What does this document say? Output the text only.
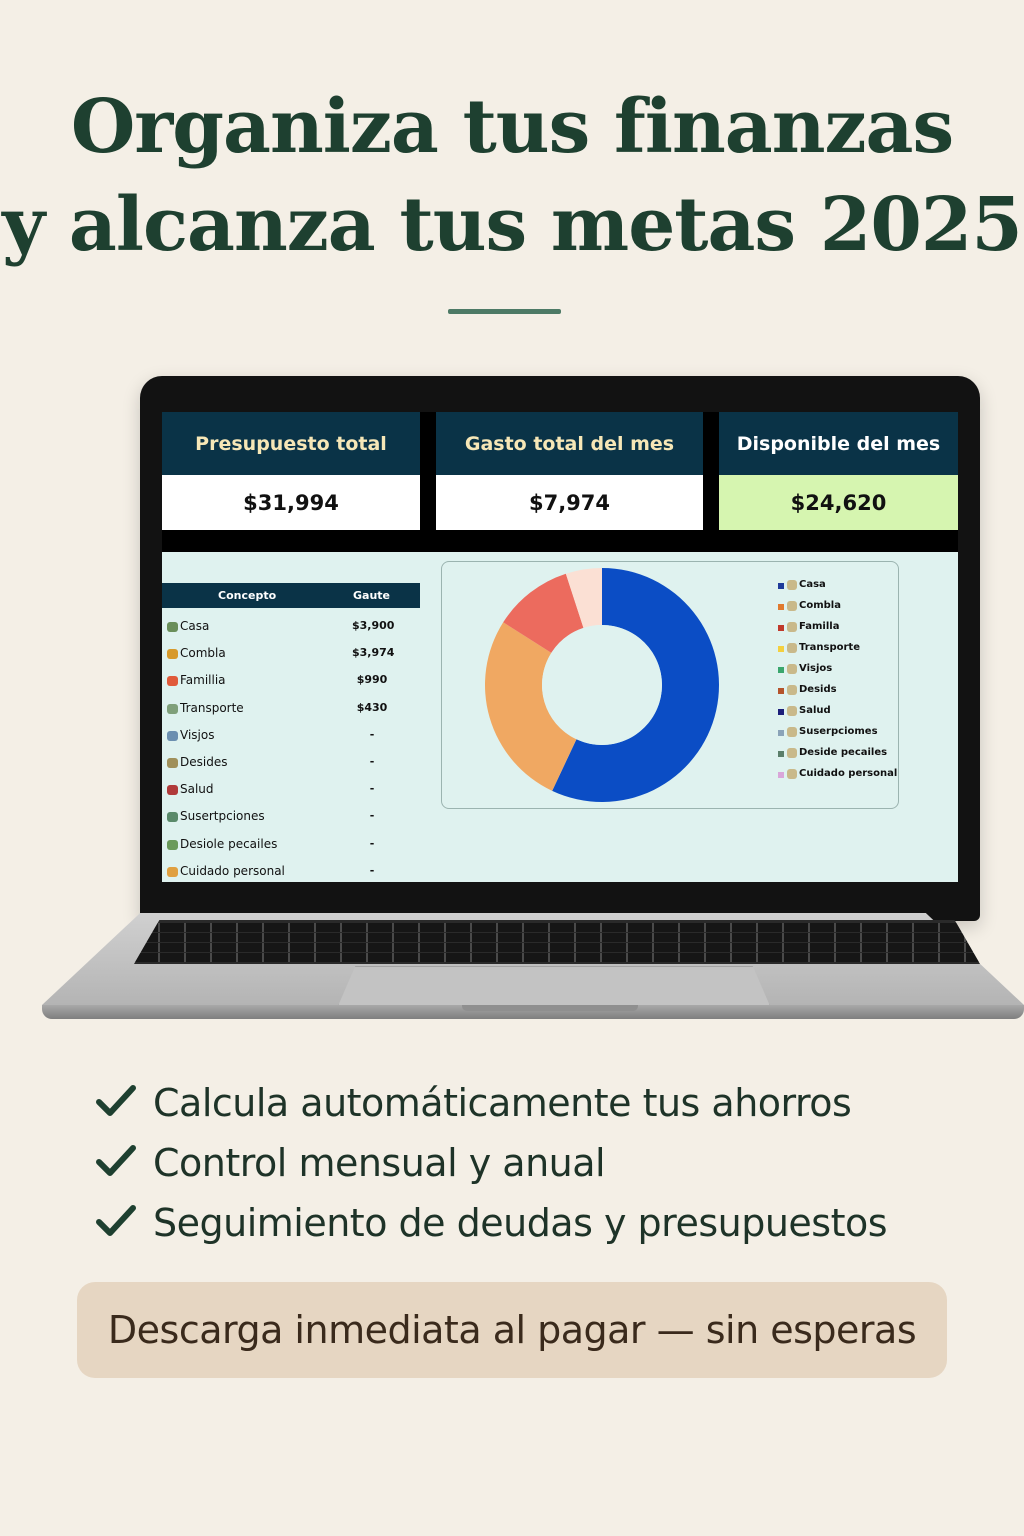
Organiza tus finanzas
y alcanza tus metas 2025
Presupuesto total
$31,994
Gasto total del mes
$7,974
Disponible del mes
$24,620
Concepto	Gaute
Casa	$3,900
Combla	$3,974
Famillia	$990
Transporte	$430
Visjos	-
Desides	-
Salud	-
Susertpciones	-
Desiole pecailes	-
Cuidado personal	-
Casa
Combla
Familla
Transporte
Visjos
Desids
Salud
Suserpciomes
Deside pecailes
Cuidado personal
Calcula automáticamente tus ahorros
Control mensual y anual
Seguimiento de deudas y presupuestos
Descarga inmediata al pagar — sin esperas
